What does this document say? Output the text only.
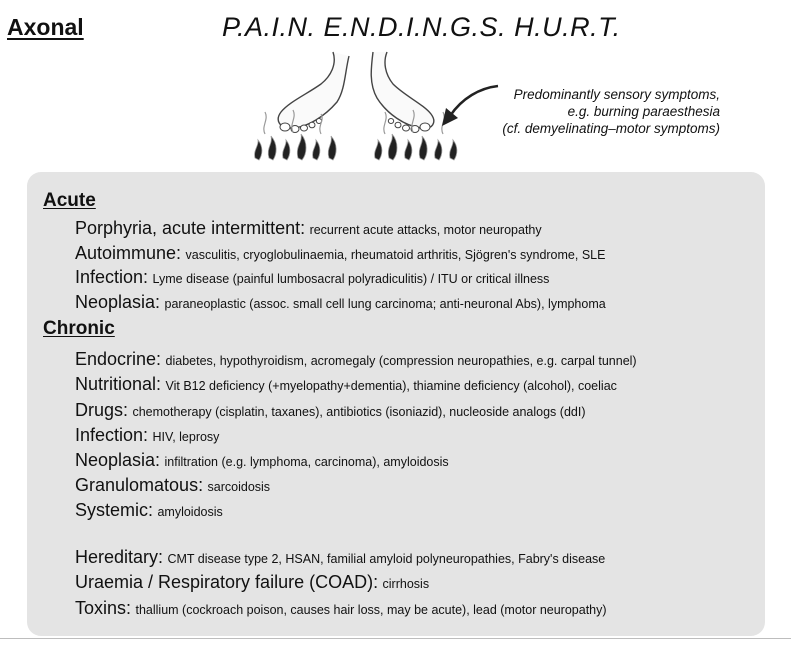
Axonal	P.A.I.N. E.N.D.I.N.G.S. H.U.R.T.
Predominantly sensory symptoms,
e.g. burning paraesthesia
(cf. demyelinating–motor symptoms)
Acute
Porphyria, acute intermittent: recurrent acute attacks, motor neuropathy
Autoimmune: vasculitis, cryoglobulinaemia, rheumatoid arthritis, Sjögren's syndrome, SLE
Infection: Lyme disease (painful lumbosacral polyradiculitis) / ITU or critical illness
Neoplasia: paraneoplastic (assoc. small cell lung carcinoma; anti-neuronal Abs), lymphoma
Chronic
Endocrine: diabetes, hypothyroidism, acromegaly (compression neuropathies, e.g. carpal tunnel)
Nutritional: Vit B12 deficiency (+myelopathy+dementia), thiamine deficiency (alcohol), coeliac
Drugs: chemotherapy (cisplatin, taxanes), antibiotics (isoniazid), nucleoside analogs (ddI)
Infection: HIV, leprosy
Neoplasia: infiltration (e.g. lymphoma, carcinoma), amyloidosis
Granulomatous: sarcoidosis
Systemic: amyloidosis
Hereditary: CMT disease type 2, HSAN, familial amyloid polyneuropathies, Fabry's disease
Uraemia / Respiratory failure (COAD): cirrhosis
Toxins: thallium (cockroach poison, causes hair loss, may be acute), lead (motor neuropathy)
